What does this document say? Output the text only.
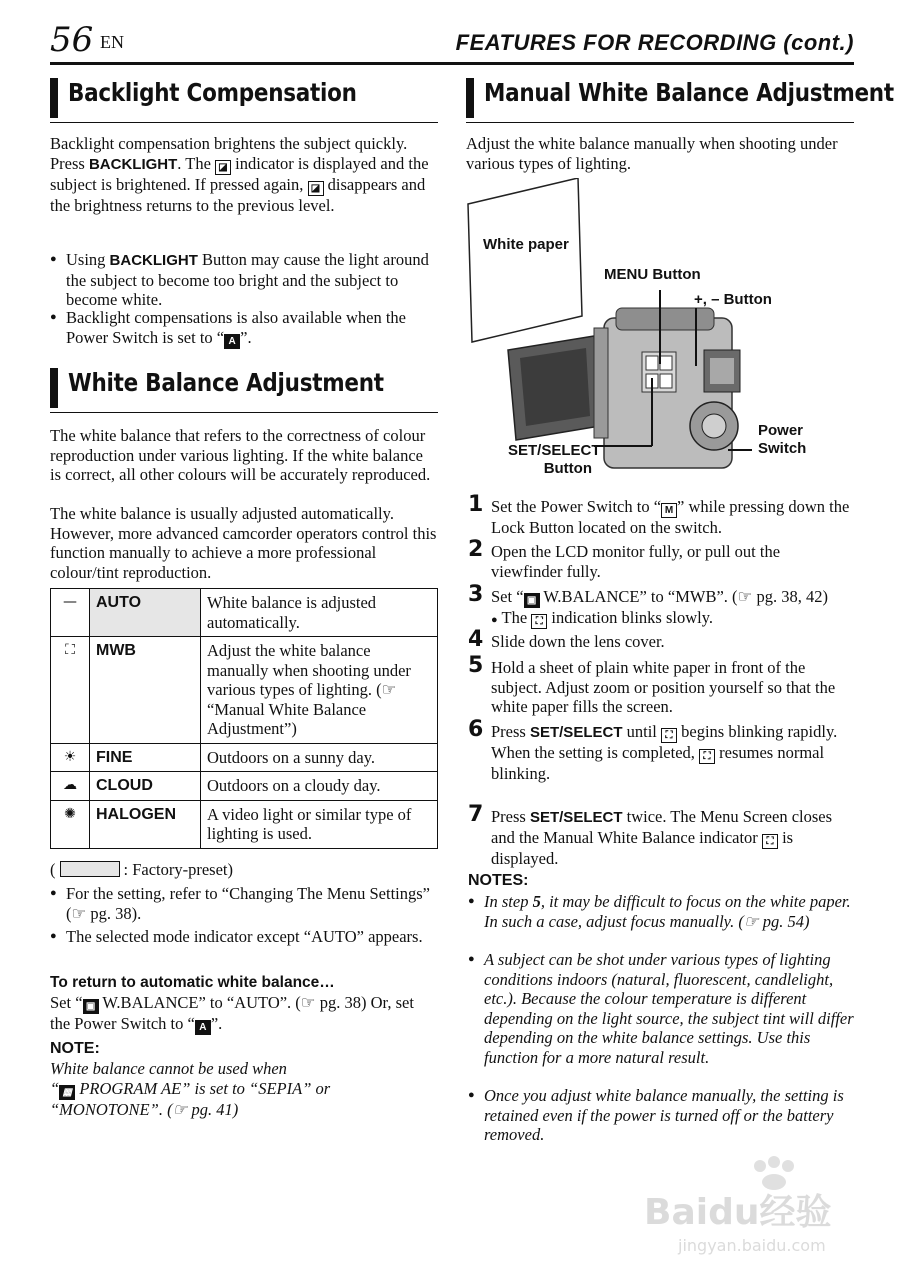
56 EN	FEATURES FOR RECORDING (cont.)
Backlight Compensation
Backlight compensation brightens the subject quickly.
Press BACKLIGHT. The ◪ indicator is displayed and the subject is brightened. If pressed again, ◪ disappears and the brightness returns to the previous level.
● Using BACKLIGHT Button may cause the light around the subject to become too bright and the subject to become white.
● Backlight compensations is also available when the Power Switch is set to “ A ”.
White Balance Adjustment
The white balance that refers to the correctness of colour reproduction under various lighting. If the white balance is correct, all other colours will be accurately reproduced.
The white balance is usually adjusted automatically. However, more advanced camcorder operators control this function manually to achieve a more professional colour/tint reproduction.
—	AUTO	White balance is adjusted automatically.
⛶	MWB	Adjust the white balance manually when shooting under various types of lighting. (☞ “Manual White Balance Adjustment”)
☀	FINE	Outdoors on a sunny day.
☁	CLOUD	Outdoors on a cloudy day.
✺	HALOGEN	A video light or similar type of lighting is used.
(	: Factory-preset)
● For the setting, refer to “Changing The Menu Settings” (☞ pg. 38).
● The selected mode indicator except “AUTO” appears.
To return to automatic white balance…
Set “ ▣ W.BALANCE” to “AUTO”. (☞ pg. 38) Or, set the Power Switch to “ A ”.
NOTE:
White balance cannot be used when
“ ▦ PROGRAM AE” is set to “SEPIA” or
“MONOTONE”. (☞ pg. 41)
Manual White Balance Adjustment
Adjust the white balance manually when shooting under various types of lighting.
White paper
MENU Button
+, – Button
SET/SELECT
Button
Power
Switch
1 Set the Power Switch to “ M ” while pressing down the Lock Button located on the switch.
2 Open the LCD monitor fully, or pull out the viewfinder fully.
3 Set “ ▣ W.BALANCE” to “MWB”. (☞ pg. 38, 42)
● The ⛶ indication blinks slowly.
4 Slide down the lens cover.
5 Hold a sheet of plain white paper in front of the subject. Adjust zoom or position yourself so that the white paper fills the screen.
6 Press SET/SELECT until ⛶ begins blinking rapidly.
When the setting is completed, ⛶ resumes normal blinking.
7 Press SET/SELECT twice. The Menu Screen closes and the Manual White Balance indicator ⛶ is displayed.
NOTES:
● In step 5, it may be difficult to focus on the white paper. In such a case, adjust focus manually. (☞ pg. 54)
● A subject can be shot under various types of lighting conditions indoors (natural, fluorescent, candlelight, etc.). Because the colour temperature is different depending on the light source, the subject tint will differ depending on the white balance settings. Use this function for a more natural result.
● Once you adjust white balance manually, the setting is retained even if the power is turned off or the battery removed.
Baidu经验
jingyan.baidu.com
